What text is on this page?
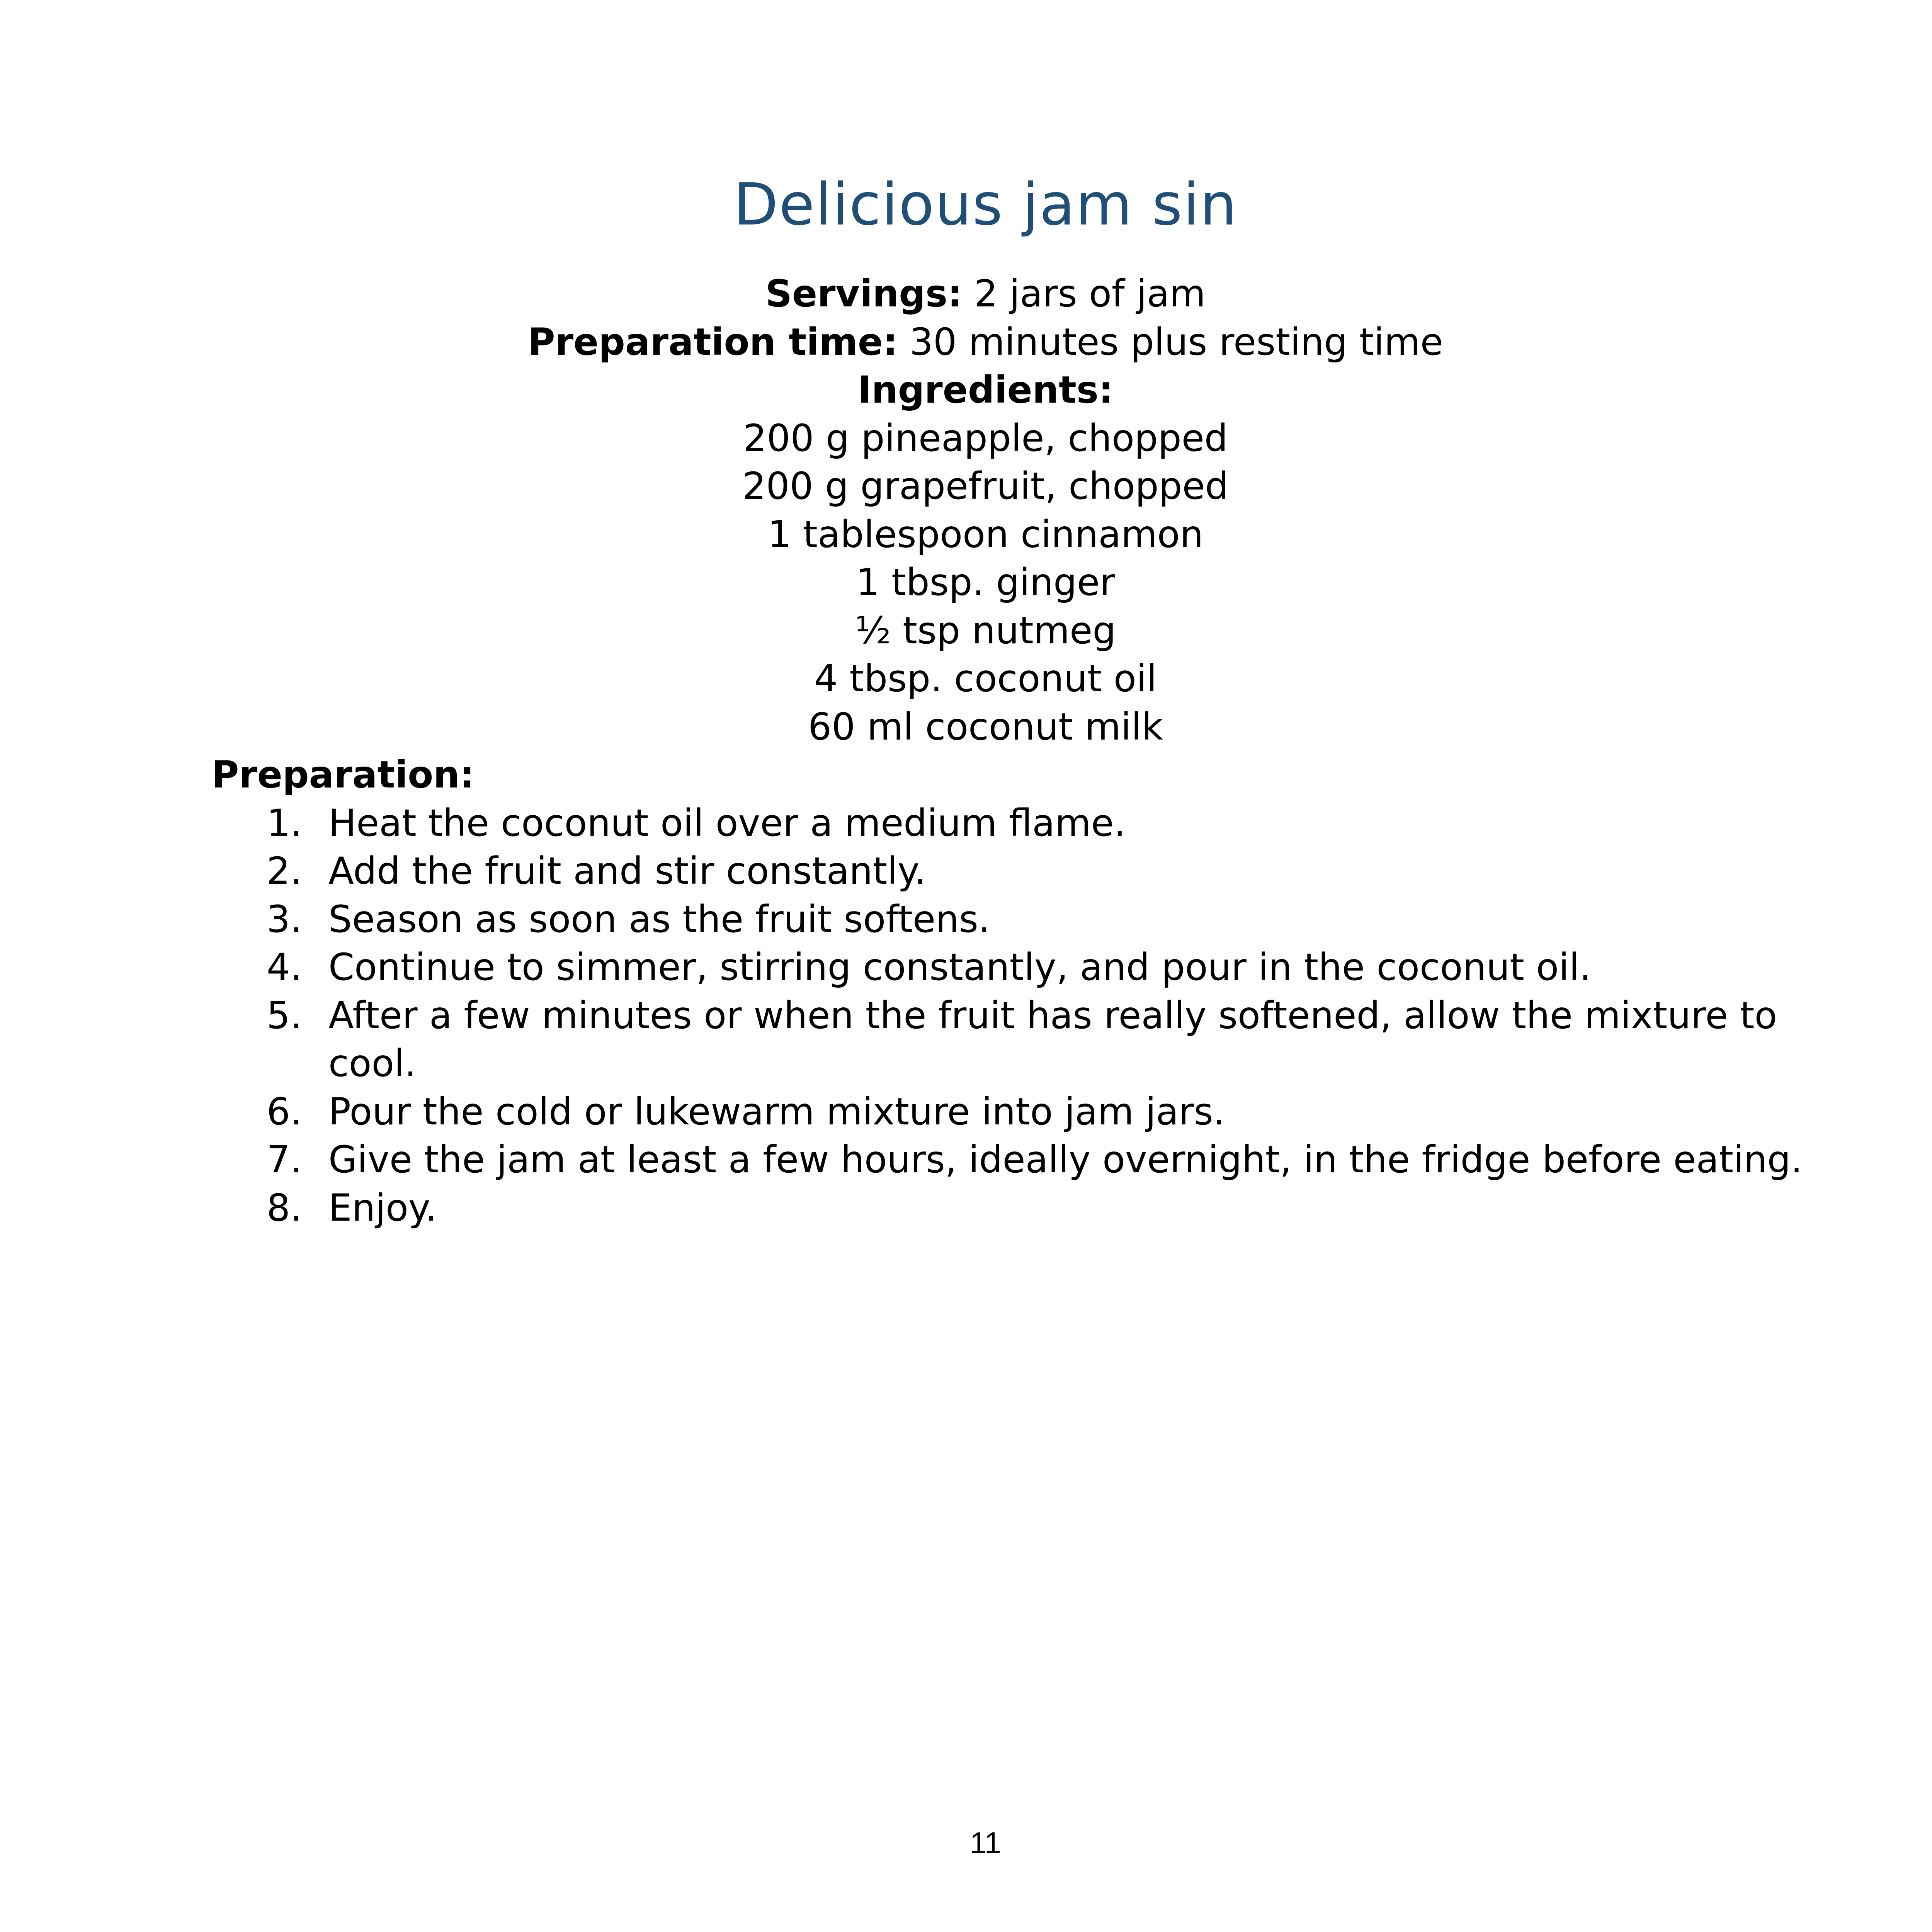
Delicious jam sin
Servings: 2 jars of jam
Preparation time: 30 minutes plus resting time
Ingredients:
200 g pineapple, chopped
200 g grapefruit, chopped
1 tablespoon cinnamon
1 tbsp. ginger
½ tsp nutmeg
4 tbsp. coconut oil
60 ml coconut milk
Preparation:
1. Heat the coconut oil over a medium flame.
2. Add the fruit and stir constantly.
3. Season as soon as the fruit softens.
4. Continue to simmer, stirring constantly, and pour in the coconut oil.
5. After a few minutes or when the fruit has really softened, allow the mixture to cool.
6. Pour the cold or lukewarm mixture into jam jars.
7. Give the jam at least a few hours, ideally overnight, in the fridge before eating.
8. Enjoy.
11
